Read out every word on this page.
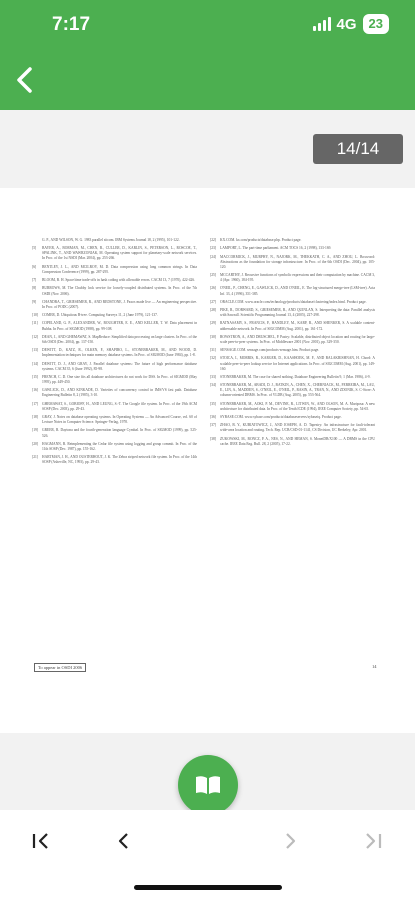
7:17	4G 23
14/14
G. P., AND WILSON, W. G. 1983 parallel sitcom. IBM Systems Journal 18, 2 (1995), 101-122.
[5] BAYER, A., BORMAN, M., CHEN, R., CULLER, D., KARLIN, S., PETERSON, L., ROSCOE, T., SPALINK, T., AND WAWRZONIAK, M. Operating system support for planetary-scale network services. In Proc. of the 1st NSDI (Mar. 2004), pp. 253-266.
[6] BENTLEY, J. L., AND MCILROY, M. D. Data compression using long common strings. In Data Compression Conference (1999), pp. 287-295.
[7] BLOOM, B. H. Space/time trade-offs in hash coding with allowable errors. CACM 13, 7 (1970), 422-426.
[8] BURROWS, M. The Chubby lock service for loosely-coupled distributed systems. In Proc. of the 7th OSDI (Nov. 2006).
[9] CHANDRA, T., GRIESEMER, R., AND REDSTONE, J. Paxos made live — An engineering perspective. In Proc. of PODC (2007).
[10] COMER, D. Ubiquitous B-tree. Computing Surveys 11, 2 (June 1979), 121-137.
[11] COPELAND, G. P., ALEXANDER, W., BOUGHTER, E. E., AND KELLER, T. W. Data placement in Bubba. In Proc. of SIGMOD (1988), pp. 99-108.
[12] DEAN, J., AND GHEMAWAT, S. MapReduce: Simplified data processing on large clusters. In Proc. of the 6th OSDI (Dec. 2004), pp. 137-150.
[13] DEWITT, D., KATZ, R., OLKEN, F., SHAPIRO, L., STONEBRAKER, M., AND WOOD, D. Implementation techniques for main memory database systems. In Proc. of SIGMOD (June 1984), pp. 1-8.
[14] DEWITT, D. J., AND GRAY, J. Parallel database systems: The future of high performance database systems. CACM 35, 6 (June 1992), 85-98.
[15] FRENCH, C. D. One size fits all database architectures do not work for DSS. In Proc. of SIGMOD (May 1995), pp. 449-450.
[16] GAWLICK, D., AND KINKADE, D. Varieties of concurrency control in IMS/VS fast path. Database Engineering Bulletin 8, 2 (1985), 3-10.
[17] GHEMAWAT, S., GOBIOFF, H., AND LEUNG, S.-T. The Google file system. In Proc. of the 19th ACM SOSP (Dec. 2003), pp. 29-43.
[18] GRAY, J. Notes on database operating systems. In Operating Systems — An Advanced Course, vol. 60 of Lecture Notes in Computer Science. Springer-Verlag, 1978.
[19] GREER, R. Daytona and the fourth-generation language Cymbal. In Proc. of SIGMOD (1999), pp. 525-526.
[20] HAGMANN, R. Reimplementing the Cedar file system using logging and group commit. In Proc. of the 11th SOSP (Dec. 1987), pp. 155-162.
[21] HARTMAN, J. H., AND OUSTERHOUT, J. K. The Zebra striped network file system. In Proc. of the 14th SOSP (Asheville, NC, 1993), pp. 29-43.
[22] KX.COM. kx.com/products/database.php. Product page.
[23] LAMPORT, L. The part-time parliament. ACM TOCS 16, 2 (1998), 133-169.
[24] MACCORMICK, J., MURPHY, N., NAJORK, M., THEKKATH, C. A., AND ZHOU, L. Boxwood: Abstractions as the foundation for storage infrastructure. In Proc. of the 6th OSDI (Dec. 2004), pp. 105-120.
[25] MCCARTHY, J. Recursive functions of symbolic expressions and their computation by machine. CACM 3, 4 (Apr. 1960), 184-195.
[26] O'NEIL, P., CHENG, E., GAWLICK, D., AND O'NEIL, E. The log-structured merge-tree (LSM-tree). Acta Inf. 33, 4 (1996), 351-385.
[27] ORACLE.COM. www.oracle.com/technology/products/database/clustering/index.html. Product page.
[28] PIKE, R., DORWARD, S., GRIESEMER, R., AND QUINLAN, S. Interpreting the data: Parallel analysis with Sawzall. Scientific Programming Journal 13, 4 (2005), 227-298.
[29] RATNASAMY, S., FRANCIS, P., HANDLEY, M., KARP, R., AND SHENKER, S. A scalable content-addressable network. In Proc. of SIGCOMM (Aug. 2001), pp. 161-172.
[30] ROWSTRON, A., AND DRUSCHEL, P. Pastry: Scalable, distributed object location and routing for large-scale peer-to-peer systems. In Proc. of Middleware 2001 (Nov. 2001), pp. 329-350.
[31] SENSAGE.COM. sensage.com/products-sensage.htm. Product page.
[32] STOICA, I., MORRIS, R., KARGER, D., KAASHOEK, M. F., AND BALAKRISHNAN, H. Chord: A scalable peer-to-peer lookup service for Internet applications. In Proc. of SIGCOMM (Aug. 2001), pp. 149-160.
[33] STONEBRAKER, M. The case for shared nothing. Database Engineering Bulletin 9, 1 (Mar. 1986), 4-9.
[34] STONEBRAKER, M., ABADI, D. J., BATKIN, A., CHEN, X., CHERNIACK, M., FERREIRA, M., LAU, E., LIN, A., MADDEN, S., O'NEIL, E., O'NEIL, P., RASIN, A., TRAN, N., AND ZDONIK, S. C-Store: A column-oriented DBMS. In Proc. of VLDB (Aug. 2005), pp. 553-564.
[35] STONEBRAKER, M., AOKI, P. M., DEVINE, R., LITWIN, W., AND OLSON, M. A. Mariposa: A new architecture for distributed data. In Proc. of the Tenth ICDE (1994), IEEE Computer Society, pp. 54-65.
[36] SYBASE.COM. www.sybase.com/products/databaseservers/sybaseiq. Product page.
[37] ZHAO, B. Y., KUBIATOWICZ, J., AND JOSEPH, A. D. Tapestry: An infrastructure for fault-tolerant wide-area location and routing. Tech. Rep. UCB/CSD-01-1141, CS Division, UC Berkeley, Apr. 2001.
[38] ZUKOWSKI, M., BONCZ, P. A., NES, N., AND HEMAN, S. MonetDB/X100 — A DBMS in the CPU cache. IEEE Data Eng. Bull. 28, 2 (2005), 17-22.
To appear in OSDI 2006	14
